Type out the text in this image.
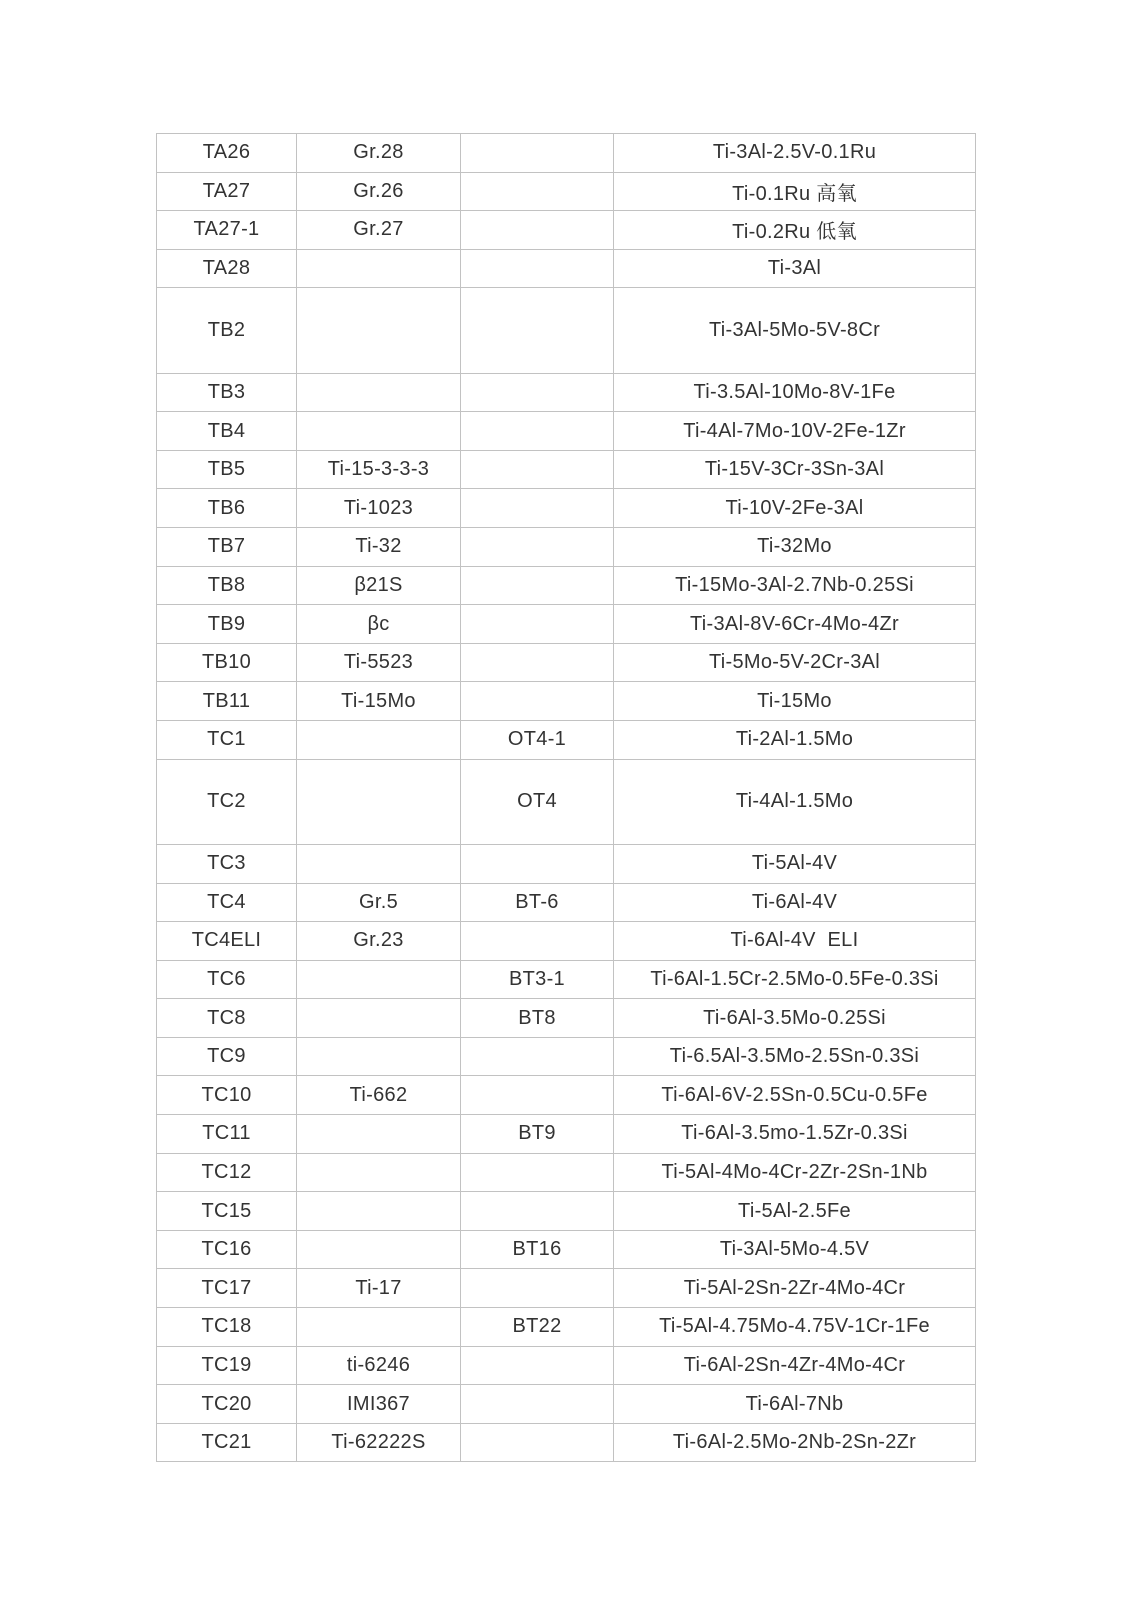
TA26	Gr.28		Ti-3Al-2.5V-0.1Ru
TA27	Gr.26		Ti-0.1Ru 高氧
TA27-1	Gr.27		Ti-0.2Ru 低氧
TA28			Ti-3Al
TB2			Ti-3Al-5Mo-5V-8Cr
TB3			Ti-3.5Al-10Mo-8V-1Fe
TB4			Ti-4Al-7Mo-10V-2Fe-1Zr
TB5	Ti-15-3-3-3		Ti-15V-3Cr-3Sn-3Al
TB6	Ti-1023		Ti-10V-2Fe-3Al
TB7	Ti-32		Ti-32Mo
TB8	β21S		Ti-15Mo-3Al-2.7Nb-0.25Si
TB9	βc		Ti-3Al-8V-6Cr-4Mo-4Zr
TB10	Ti-5523		Ti-5Mo-5V-2Cr-3Al
TB11	Ti-15Mo		Ti-15Mo
TC1		OT4-1	Ti-2Al-1.5Mo
TC2		OT4	Ti-4Al-1.5Mo
TC3			Ti-5Al-4V
TC4	Gr.5	BT-6	Ti-6Al-4V
TC4ELI	Gr.23		Ti-6Al-4V  ELI
TC6		BT3-1	Ti-6Al-1.5Cr-2.5Mo-0.5Fe-0.3Si
TC8		BT8	Ti-6Al-3.5Mo-0.25Si
TC9			Ti-6.5Al-3.5Mo-2.5Sn-0.3Si
TC10	Ti-662		Ti-6Al-6V-2.5Sn-0.5Cu-0.5Fe
TC11		BT9	Ti-6Al-3.5mo-1.5Zr-0.3Si
TC12			Ti-5Al-4Mo-4Cr-2Zr-2Sn-1Nb
TC15			Ti-5Al-2.5Fe
TC16		BT16	Ti-3Al-5Mo-4.5V
TC17	Ti-17		Ti-5Al-2Sn-2Zr-4Mo-4Cr
TC18		BT22	Ti-5Al-4.75Mo-4.75V-1Cr-1Fe
TC19	ti-6246		Ti-6Al-2Sn-4Zr-4Mo-4Cr
TC20	IMI367		Ti-6Al-7Nb
TC21	Ti-62222S		Ti-6Al-2.5Mo-2Nb-2Sn-2Zr
